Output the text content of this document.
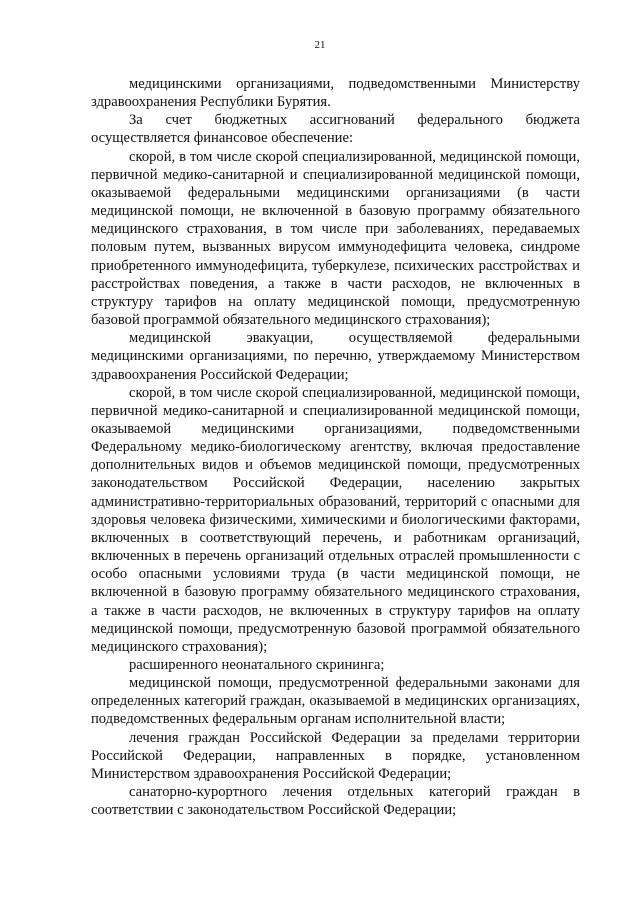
21

медицинскими организациями, подведомственными Министерству здравоохранения Республики Бурятия.

За счет бюджетных ассигнований федерального бюджета осуществляется финансовое обеспечение:

скорой, в том числе скорой специализированной, медицинской помощи, первичной медико-санитарной и специализированной медицинской помощи, оказываемой федеральными медицинскими организациями (в части медицинской помощи, не включенной в базовую программу обязательного медицинского страхования, в том числе при заболеваниях, передаваемых половым путем, вызванных вирусом иммунодефицита человека, синдроме приобретенного иммунодефицита, туберкулезе, психических расстройствах и расстройствах поведения, а также в части расходов, не включенных в структуру тарифов на оплату медицинской помощи, предусмотренную базовой программой обязательного медицинского страхования);

медицинской эвакуации, осуществляемой федеральными медицинскими организациями, по перечню, утверждаемому Министерством здравоохранения Российской Федерации;

скорой, в том числе скорой специализированной, медицинской помощи, первичной медико-санитарной и специализированной медицинской помощи, оказываемой медицинскими организациями, подведомственными Федеральному медико-биологическому агентству, включая предоставление дополнительных видов и объемов медицинской помощи, предусмотренных законодательством Российской Федерации, населению закрытых административно-территориальных образований, территорий с опасными для здоровья человека физическими, химическими и биологическими факторами, включенных в соответствующий перечень, и работникам организаций, включенных в перечень организаций отдельных отраслей промышленности с особо опасными условиями труда (в части медицинской помощи, не включенной в базовую программу обязательного медицинского страхования, а также в части расходов, не включенных в структуру тарифов на оплату медицинской помощи, предусмотренную базовой программой обязательного медицинского страхования);

расширенного неонатального скрининга;

медицинской помощи, предусмотренной федеральными законами для определенных категорий граждан, оказываемой в медицинских организациях, подведомственных федеральным органам исполнительной власти;

лечения граждан Российской Федерации за пределами территории Российской Федерации, направленных в порядке, установленном Министерством здравоохранения Российской Федерации;

санаторно-курортного лечения отдельных категорий граждан в соответствии с законодательством Российской Федерации;
